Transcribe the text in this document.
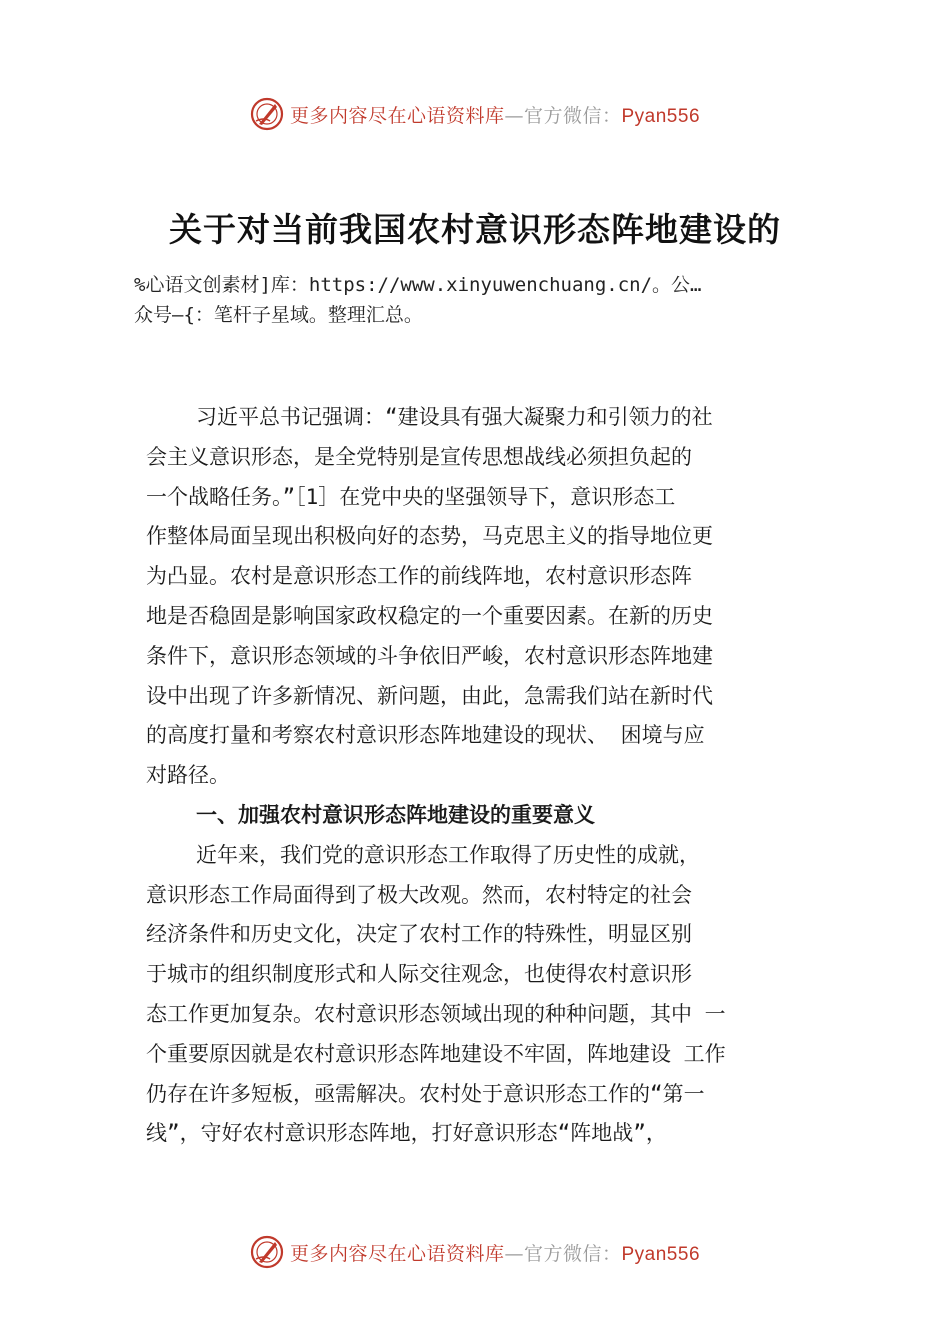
更多内容尽在心语资料库—官方微信：Pyan556
关于对当前我国农村意识形态阵地建设的
%心语文创素材]库：https://www.xinyuwenchuang.cn/。公…
众号—{：笔杆子星域。整理汇总。
习近平总书记强调：“建设具有强大凝聚力和引领力的社
会主义意识形态，是全党特别是宣传思想战线必须担负起的
一个战略任务。”［1］在党中央的坚强领导下，意识形态工
作整体局面呈现出积极向好的态势，马克思主义的指导地位更
为凸显。农村是意识形态工作的前线阵地，农村意识形态阵
地是否稳固是影响国家政权稳定的一个重要因素。在新的历史
条件下，意识形态领域的斗争依旧严峻，农村意识形态阵地建
设中出现了许多新情况、新问题，由此，急需我们站在新时代
的高度打量和考察农村意识形态阵地建设的现状、 困境与应
对路径。
一、加强农村意识形态阵地建设的重要意义
近年来，我们党的意识形态工作取得了历史性的成就，
意识形态工作局面得到了极大改观。然而，农村特定的社会
经济条件和历史文化，决定了农村工作的特殊性，明显区别
于城市的组织制度形式和人际交往观念，也使得农村意识形
态工作更加复杂。农村意识形态领域出现的种种问题，其中 一
个重要原因就是农村意识形态阵地建设不牢固，阵地建设 工作
仍存在许多短板，亟需解决。农村处于意识形态工作的“第一
线”，守好农村意识形态阵地，打好意识形态“阵地战”，
更多内容尽在心语资料库—官方微信：Pyan556
